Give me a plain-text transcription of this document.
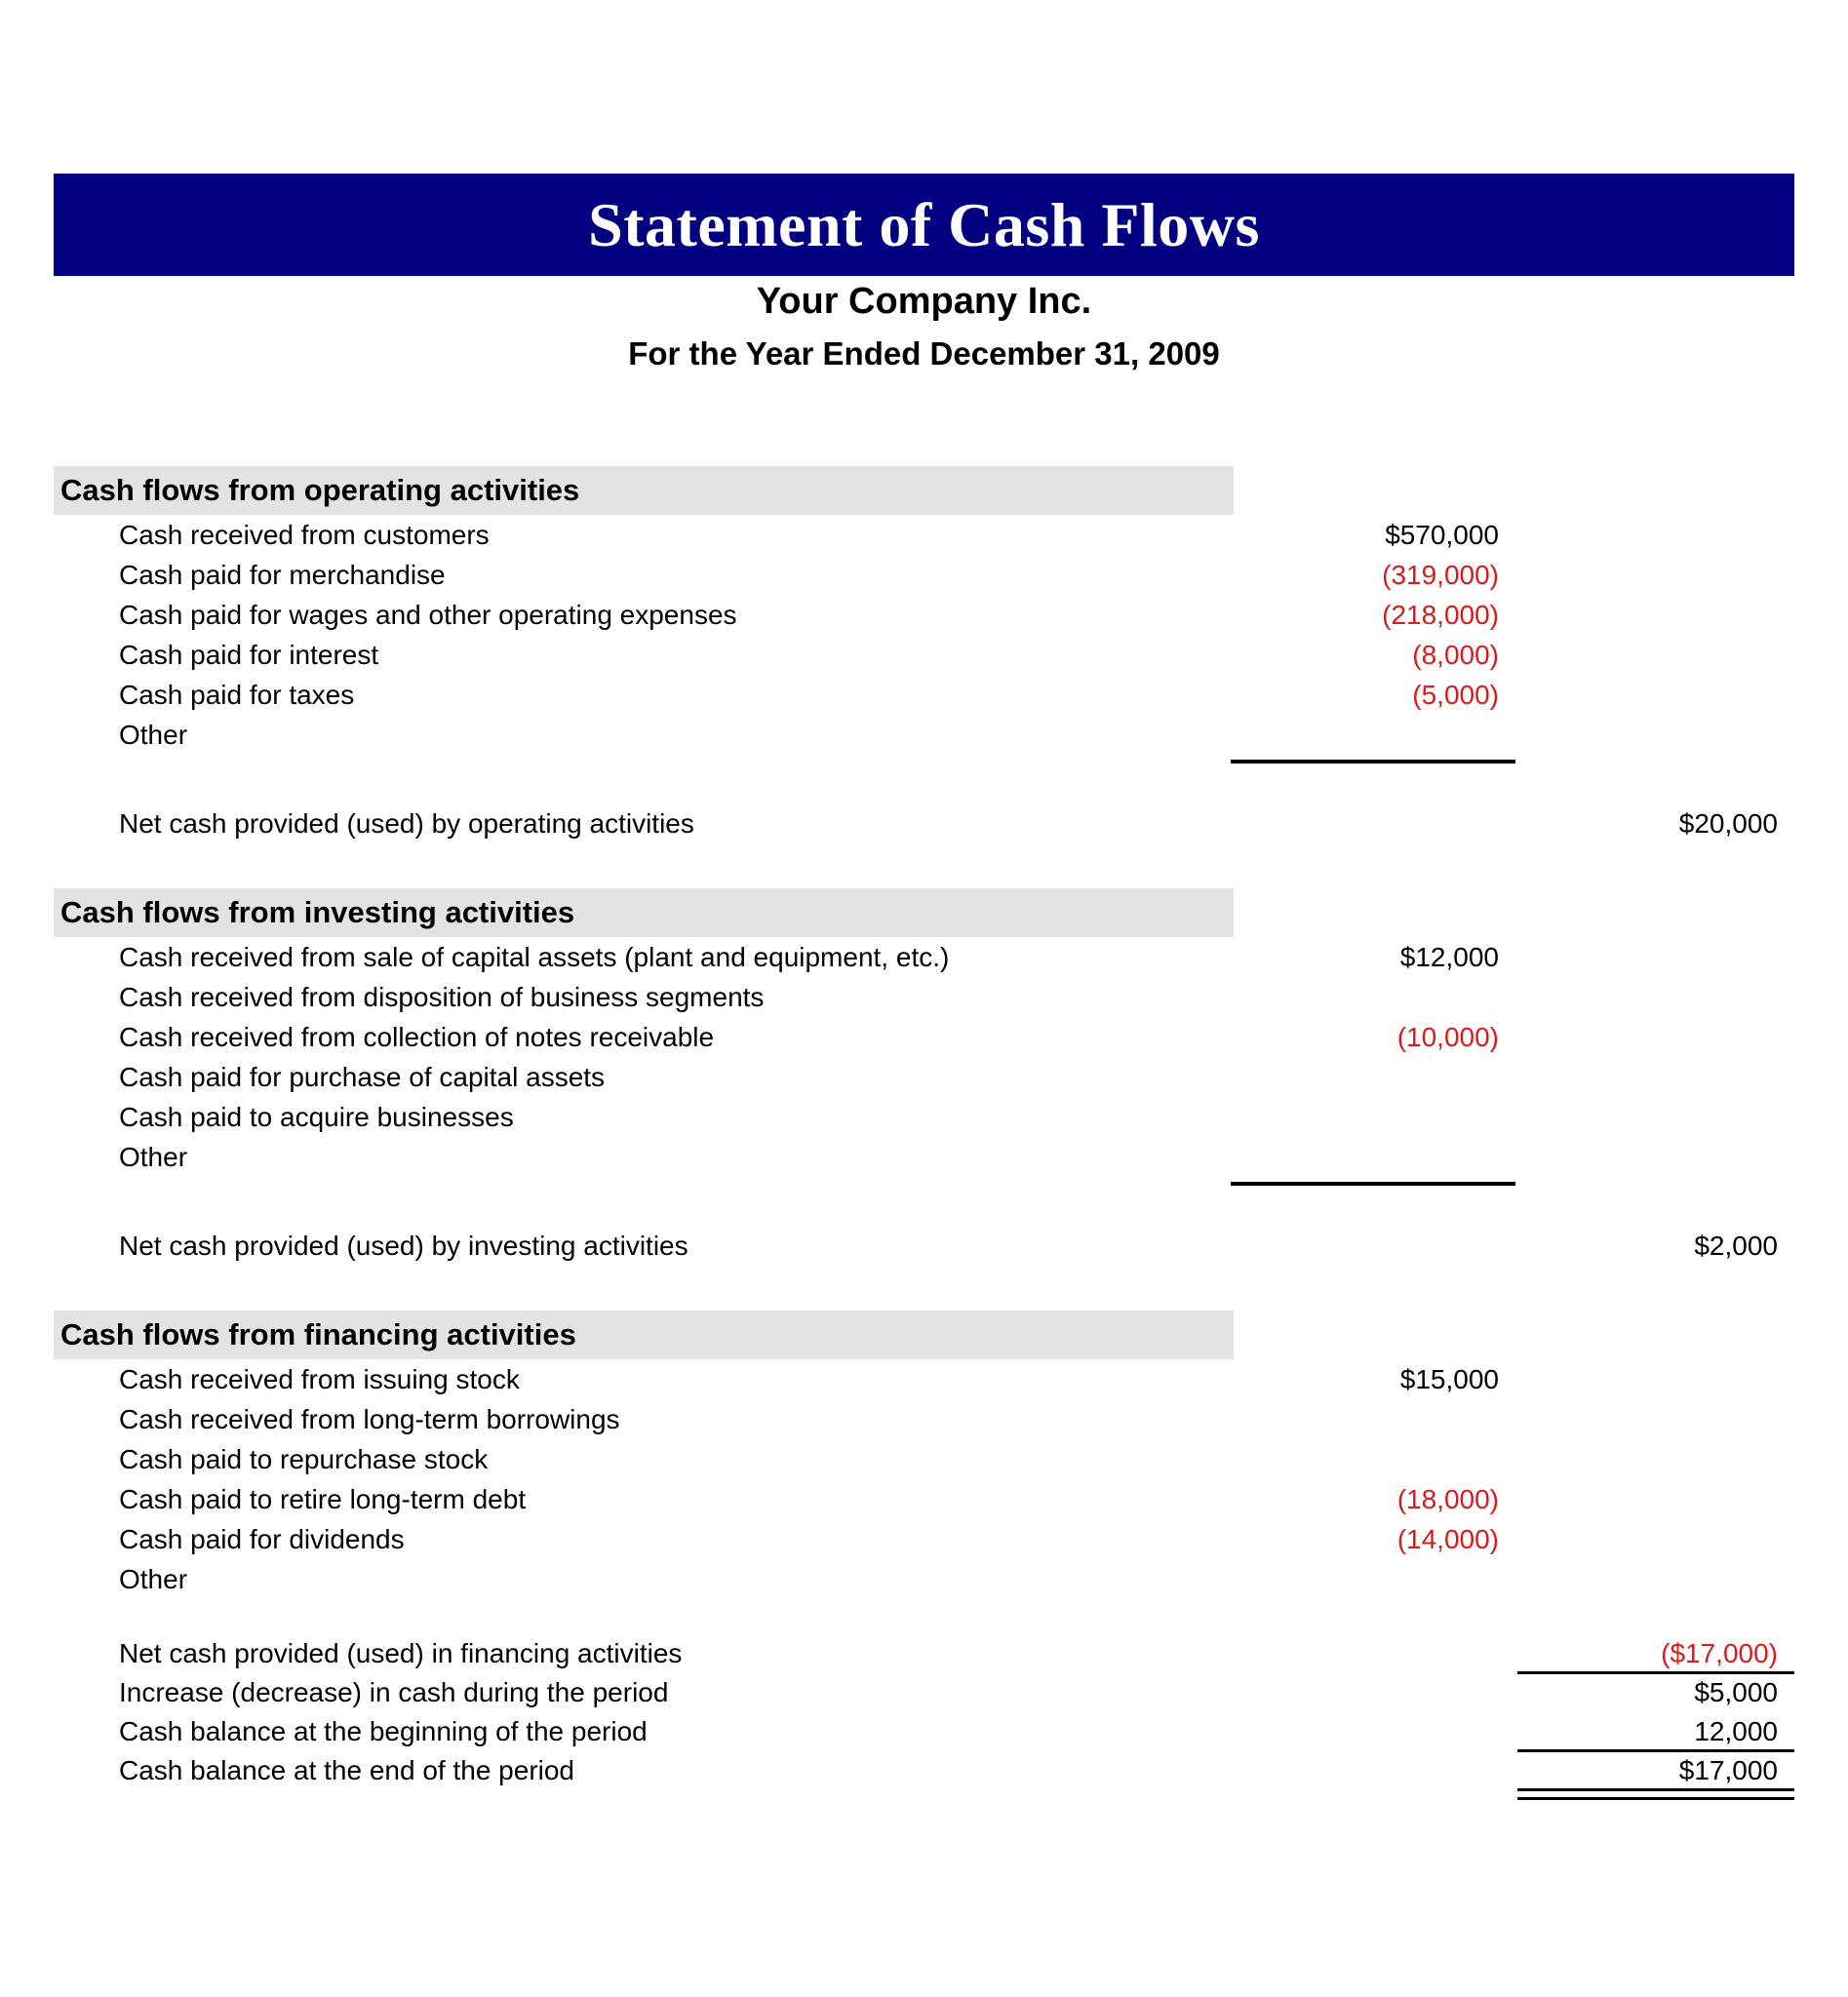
Statement of Cash Flows
Your Company Inc.
For the Year Ended December 31, 2009
Cash flows from operating activities
Cash received from customers	$570,000
Cash paid for merchandise	(319,000)
Cash paid for wages and other operating expenses	(218,000)
Cash paid for interest	(8,000)
Cash paid for taxes	(5,000)
Other
Net cash provided (used) by operating activities	$20,000
Cash flows from investing activities
Cash received from sale of capital assets (plant and equipment, etc.)	$12,000
Cash received from disposition of business segments
Cash received from collection of notes receivable	(10,000)
Cash paid for purchase of capital assets
Cash paid to acquire businesses
Other
Net cash provided (used) by investing activities	$2,000
Cash flows from financing activities
Cash received from issuing stock	$15,000
Cash received from long-term borrowings
Cash paid to repurchase stock
Cash paid to retire long-term debt	(18,000)
Cash paid for dividends	(14,000)
Other
Net cash provided (used) in financing activities	($17,000)
Increase (decrease) in cash during the period	$5,000
Cash balance at the beginning of the period	12,000
Cash balance at the end of the period	$17,000
